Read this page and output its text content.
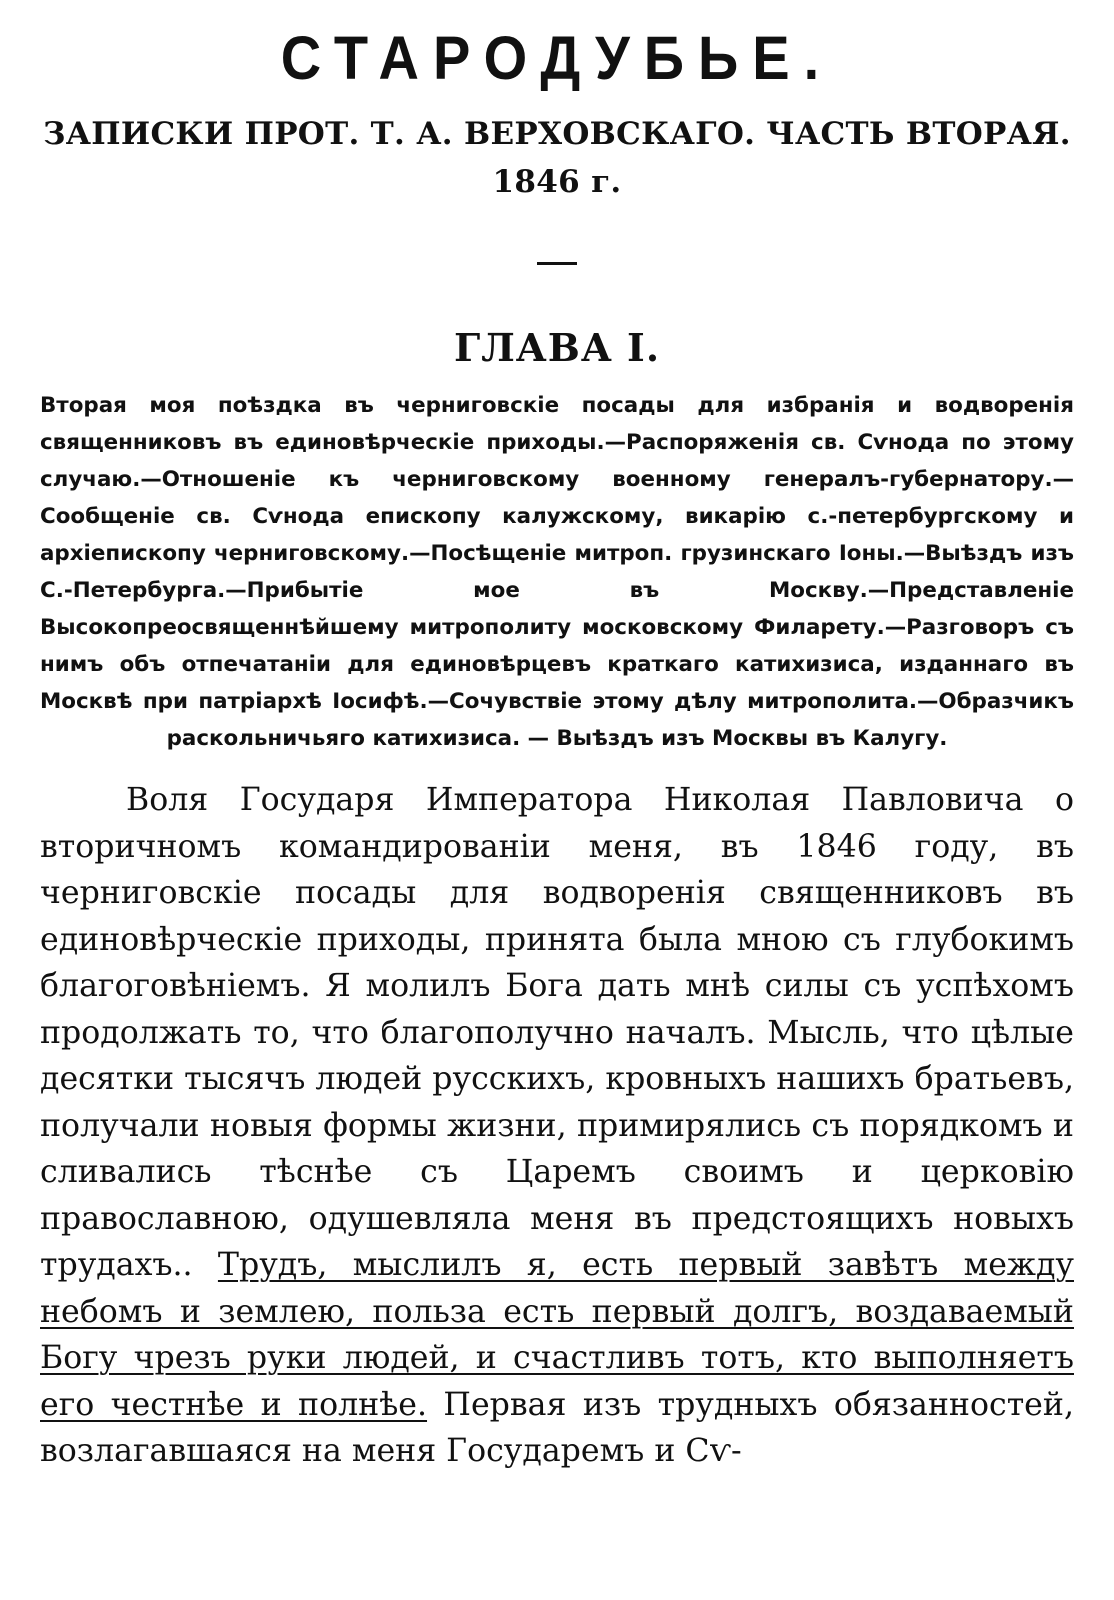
СТАРОДУБЬЕ.
ЗАПИСКИ ПРОТ. Т. А. ВЕРХОВСКАГО. ЧАСТЬ ВТОРАЯ.
1846 г.
ГЛАВА I.

Вторая моя поѣздка въ черниговскіе посады для избранія и водворенія священниковъ въ единовѣрческіе приходы.—Распоряженія св. Сѵнода по этому случаю.—Отношеніе къ черниговскому военному генералъ-губернатору.—Сообщеніе св. Сѵнода епископу калужскому, викарію с.-петербургскому и архіепископу черниговскому.—Посѣщеніе митроп. грузинскаго Іоны.—Выѣздъ изъ С.-Петербурга.—Прибытіе мое въ Москву.—Представленіе Высокопреосвященнѣйшему митрополиту московскому Филарету.—Разговоръ съ нимъ объ отпечатаніи для единовѣрцевъ краткаго катихизиса, изданнаго въ Москвѣ при патріархѣ Іосифѣ.—Сочувствіе этому дѣлу митрополита.—Образчикъ раскольничьяго катихизиса. — Выѣздъ изъ Москвы въ Калугу.

Воля Государя Императора Николая Павловича о вторичномъ командированіи меня, въ 1846 году, въ черниговскіе посады для водворенія священниковъ въ единовѣрческіе приходы, принята была мною съ глубокимъ благоговѣніемъ. Я молилъ Бога дать мнѣ силы съ успѣхомъ продолжать то, что благополучно началъ. Мысль, что цѣлые десятки тысячъ людей русскихъ, кровныхъ нашихъ братьевъ, получали новыя формы жизни, примирялись съ порядкомъ и сливались тѣснѣе съ Царемъ своимъ и церковію православною, одушевляла меня въ предстоящихъ новыхъ трудахъ.. Трудъ, мыслилъ я, есть первый завѣтъ между небомъ и землею, польза есть первый долгъ, воздаваемый Богу чрезъ руки людей, и счастливъ тотъ, кто выполняетъ его честнѣе и полнѣе. Первая изъ трудныхъ обязанностей, возлагавшаяся на меня Государемъ и Сѵ-
